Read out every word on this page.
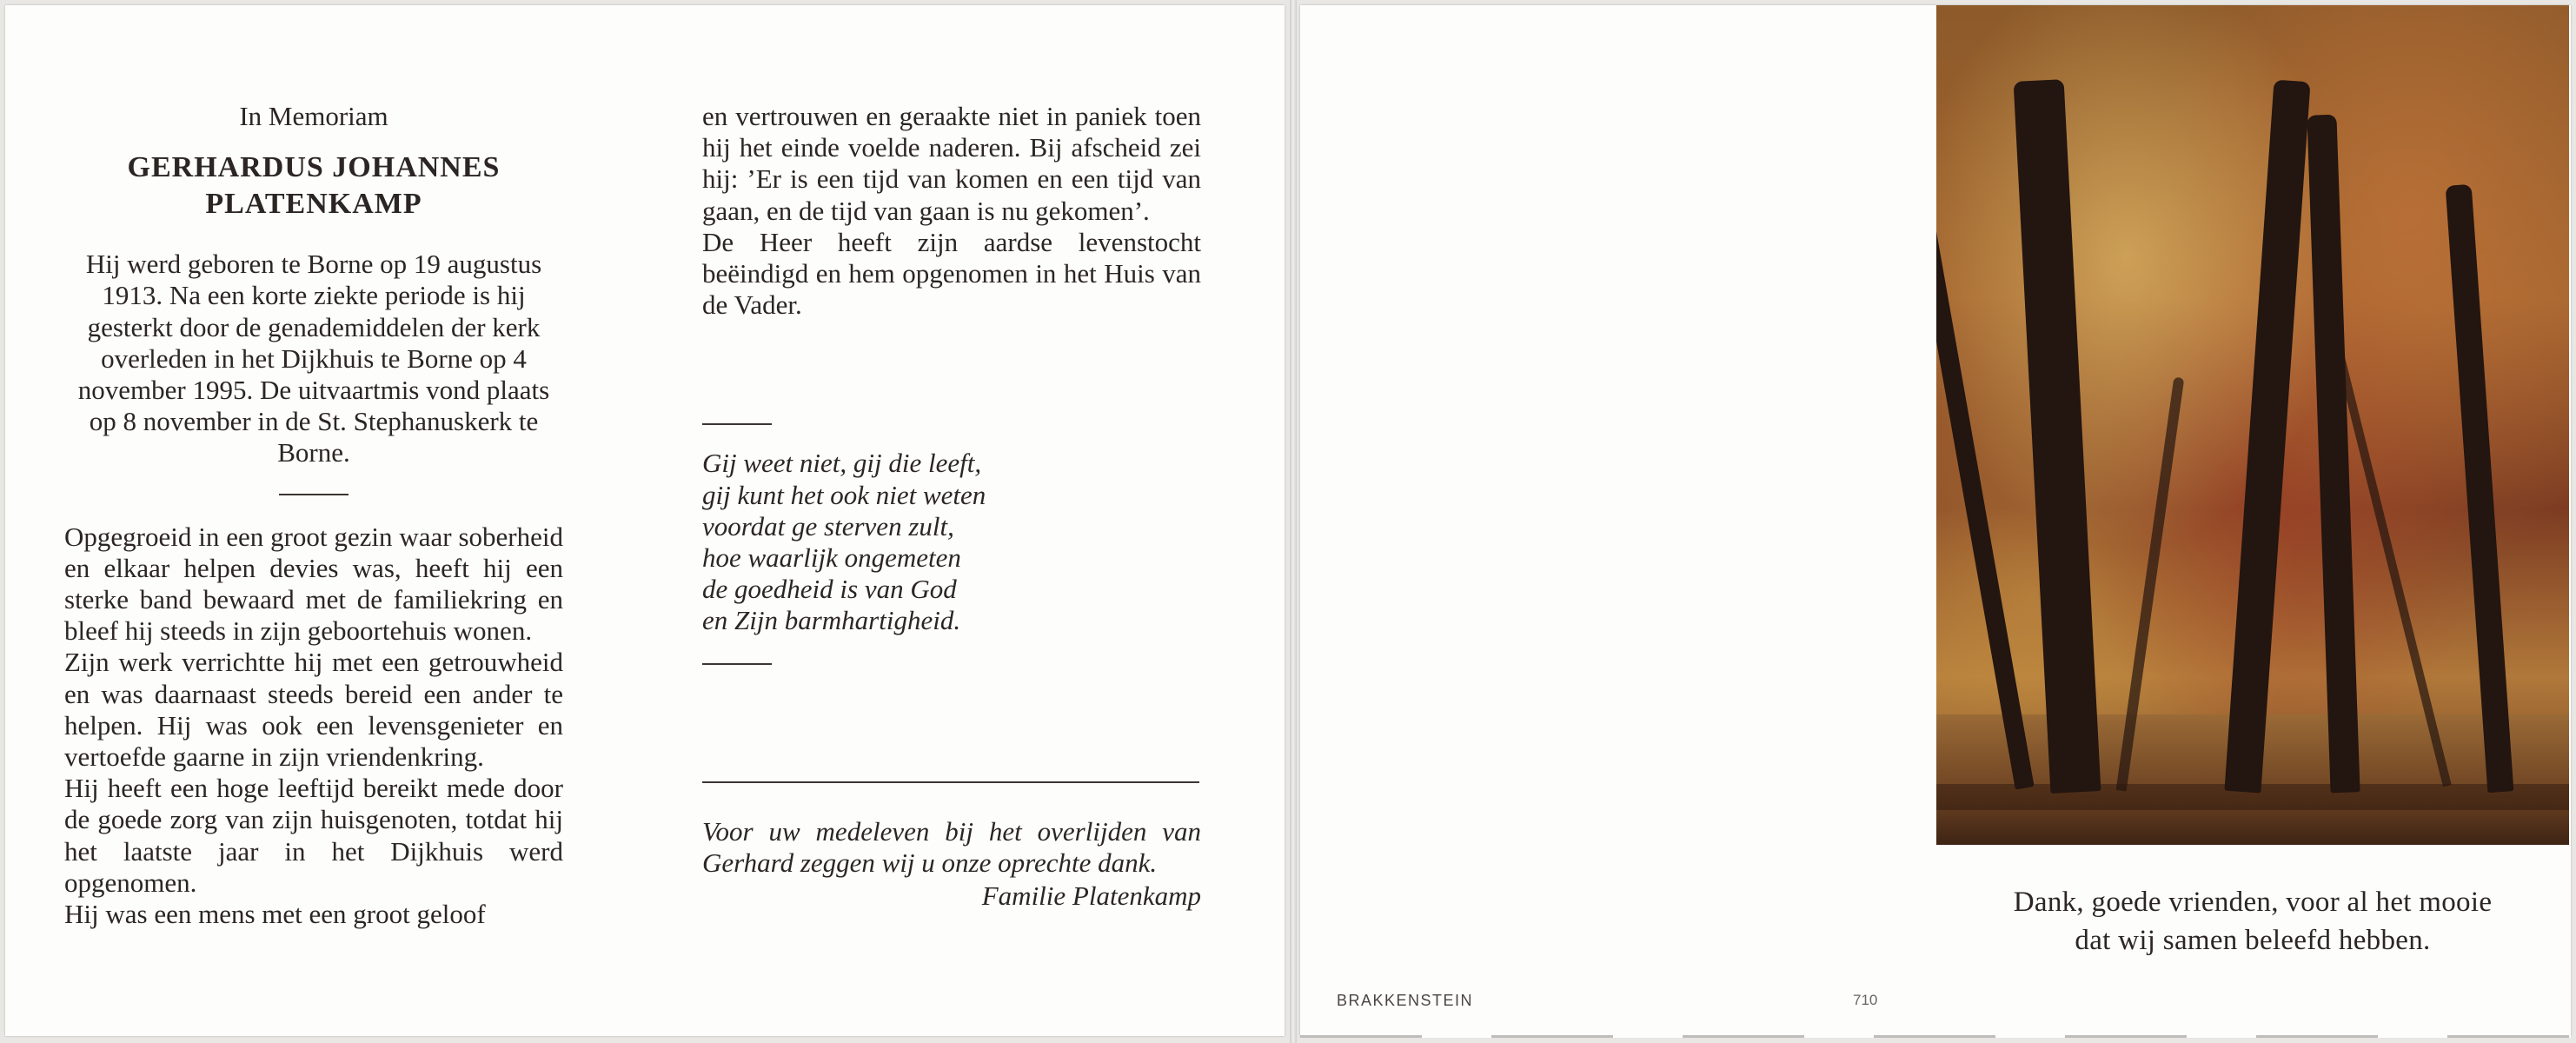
In Memoriam
GERHARDUS JOHANNES
PLATENKAMP

Hij werd geboren te Borne op 19 augustus 1913. Na een korte ziekte periode is hij gesterkt door de genademiddelen der kerk overleden in het Dijkhuis te Borne op 4 november 1995. De uitvaartmis vond plaats op 8 november in de St. Stephanuskerk te Borne.

Opgegroeid in een groot gezin waar soberheid en elkaar helpen devies was, heeft hij een sterke band bewaard met de familiekring en bleef hij steeds in zijn geboortehuis wonen.

Zijn werk verrichtte hij met een getrouwheid en was daarnaast steeds bereid een ander te helpen. Hij was ook een levensgenieter en vertoefde gaarne in zijn vriendenkring.

Hij heeft een hoge leeftijd bereikt mede door de goede zorg van zijn huisgenoten, totdat hij het laatste jaar in het Dijkhuis werd opgenomen.

Hij was een mens met een groot geloof

en vertrouwen en geraakte niet in paniek toen hij het einde voelde naderen. Bij afscheid zei hij: ’Er is een tijd van komen en een tijd van gaan, en de tijd van gaan is nu gekomen’.

De Heer heeft zijn aardse levenstocht beëindigd en hem opgenomen in het Huis van de Vader.

Gij weet niet, gij die leeft,

gij kunt het ook niet weten

voordat ge sterven zult,

hoe waarlijk ongemeten

de goedheid is van God

en Zijn barmhartigheid.

Voor uw medeleven bij het overlijden van Gerhard zeggen wij u onze oprechte dank.

Familie Platenkamp	Dank, goede vrienden, voor al het mooie
dat wij samen beleefd hebben.
BRAKKENSTEIN	710
